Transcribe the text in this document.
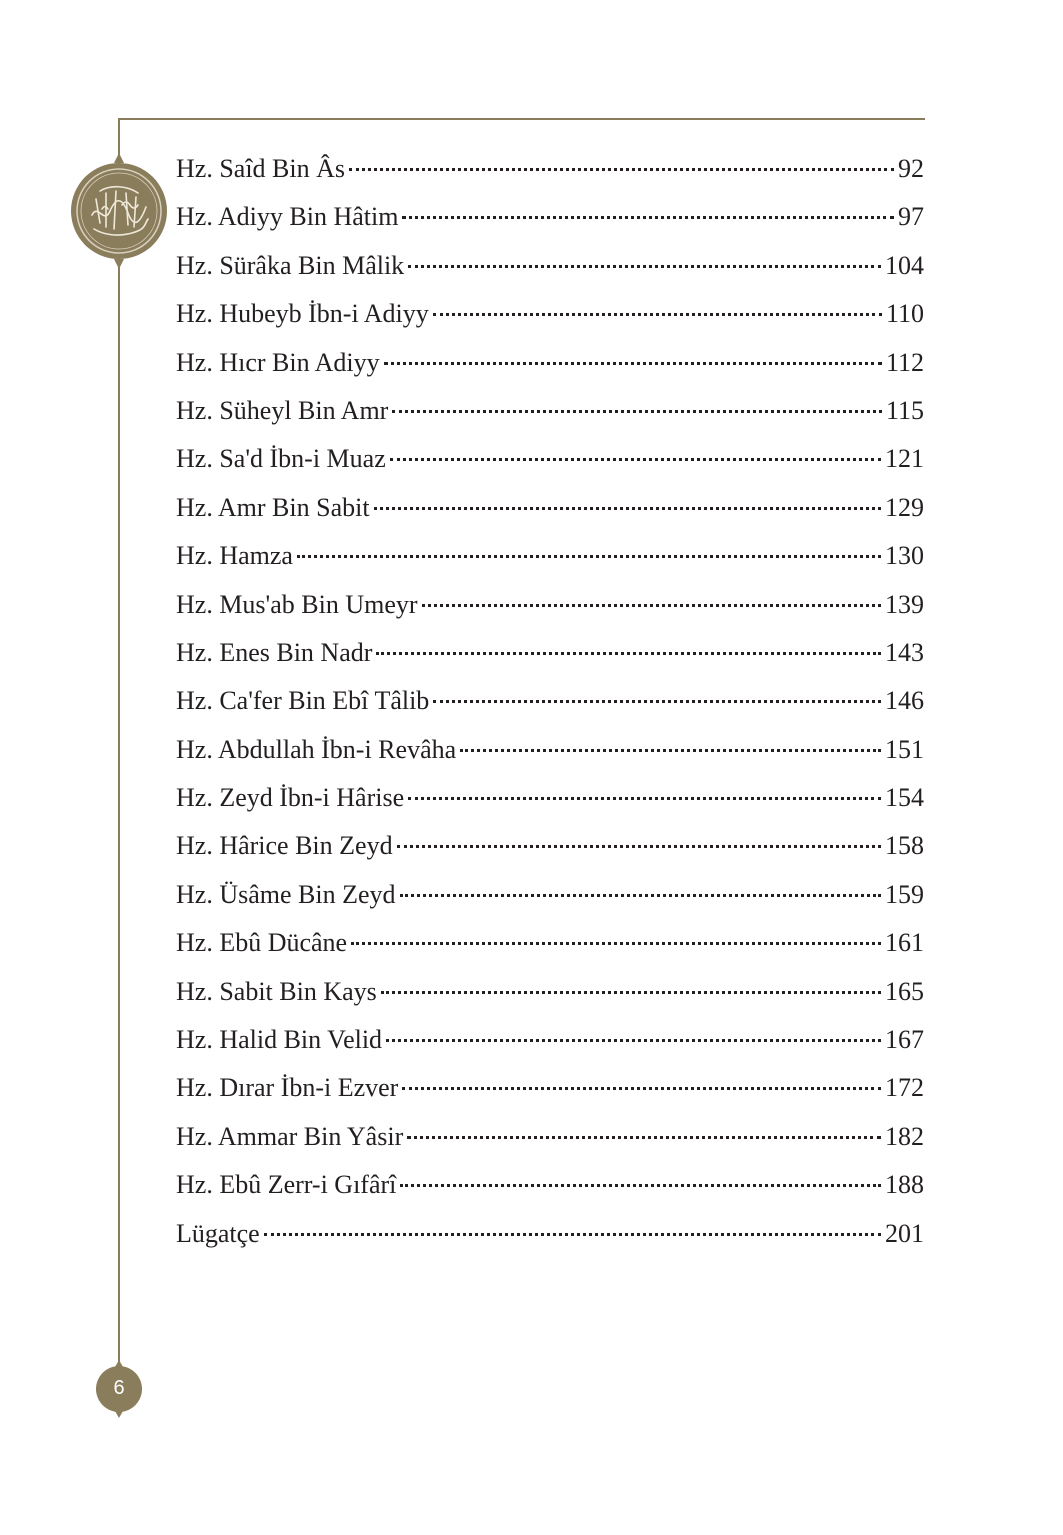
Hz. Saîd Bin Âs	92
Hz. Adiyy Bin Hâtim	97
Hz. Sürâka Bin Mâlik	104
Hz. Hubeyb İbn-i Adiyy	110
Hz. Hıcr Bin Adiyy	112
Hz. Süheyl Bin Amr	115
Hz. Sa'd İbn-i Muaz	121
Hz. Amr Bin Sabit	129
Hz. Hamza	130
Hz. Mus'ab Bin Umeyr	139
Hz. Enes Bin Nadr	143
Hz. Ca'fer Bin Ebî Tâlib	146
Hz. Abdullah İbn-i Revâha	151
Hz. Zeyd İbn-i Hârise	154
Hz. Hârice Bin Zeyd	158
Hz. Üsâme Bin Zeyd	159
Hz. Ebû Dücâne	161
Hz. Sabit Bin Kays	165
Hz. Halid Bin Velid	167
Hz. Dırar İbn-i Ezver	172
Hz. Ammar Bin Yâsir	182
Hz. Ebû Zerr-i Gıfârî	188
Lügatçe	201
6
